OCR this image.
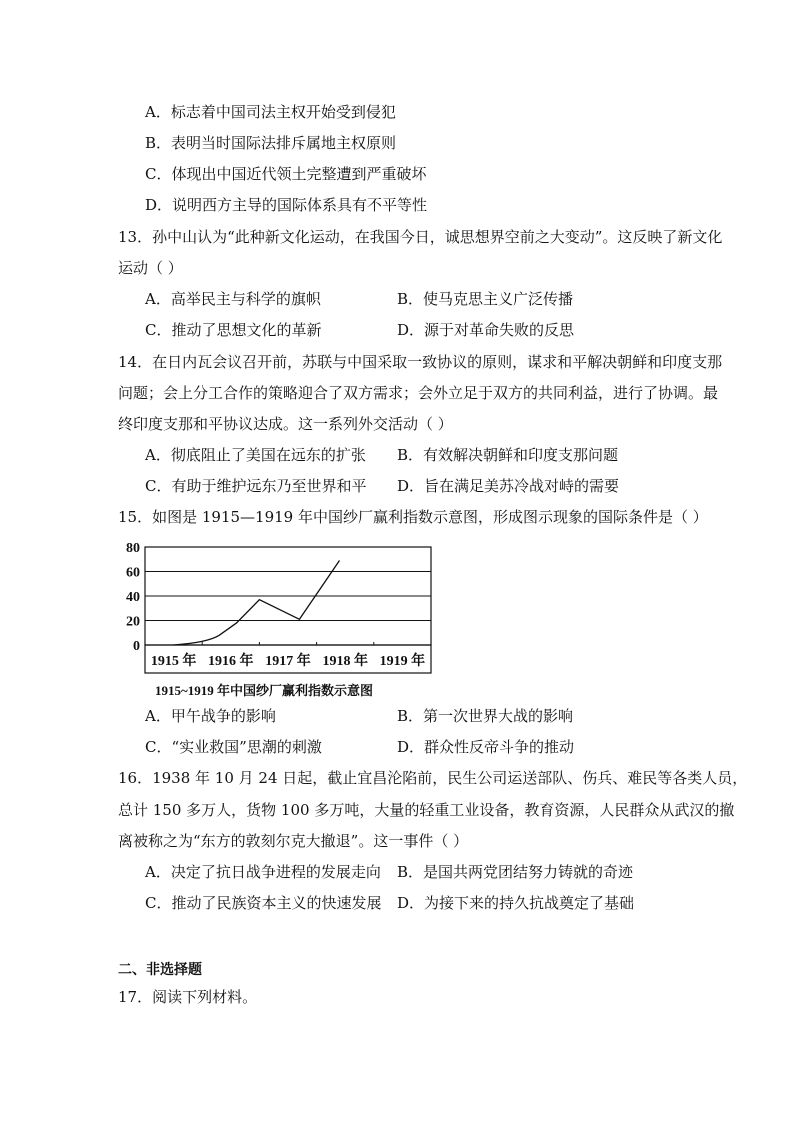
A．标志着中国司法主权开始受到侵犯
B．表明当时国际法排斥属地主权原则
C．体现出中国近代领土完整遭到严重破坏
D．说明西方主导的国际体系具有不平等性
13．孙中山认为“此种新文化运动，在我国今日，诚思想界空前之大变动”。这反映了新文化
运动（ ）
A．高举民主与科学的旗帜	B．使马克思主义广泛传播
C．推动了思想文化的革新	D．源于对革命失败的反思
14．在日内瓦会议召开前，苏联与中国采取一致协议的原则，谋求和平解决朝鲜和印度支那
问题；会上分工合作的策略迎合了双方需求；会外立足于双方的共同利益，进行了协调。最
终印度支那和平协议达成。这一系列外交活动（ ）
A．彻底阻止了美国在远东的扩张 B．有效解决朝鲜和印度支那问题
C．有助于维护远东乃至世界和平 D．旨在满足美苏冷战对峙的需要
15．如图是 1915—1919 年中国纱厂赢利指数示意图，形成图示现象的国际条件是（ ）
0
20
40
60
80
1915 年 1916 年 1917 年 1918 年 1919 年
1915~1919 年中国纱厂赢利指数示意图
A．甲午战争的影响	B．第一次世界大战的影响
C．“实业救国”思潮的刺激	D．群众性反帝斗争的推动
16．1938 年 10 月 24 日起，截止宜昌沦陷前，民生公司运送部队、伤兵、难民等各类人员，
总计 150 多万人，货物 100 多万吨，大量的轻重工业设备，教育资源，人民群众从武汉的撤
离被称之为“东方的敦刻尔克大撤退”。这一事件（ ）
A．决定了抗日战争进程的发展走向 B．是国共两党团结努力铸就的奇迹
C．推动了民族资本主义的快速发展 D．为接下来的持久抗战奠定了基础
二、非选择题
17．阅读下列材料。
